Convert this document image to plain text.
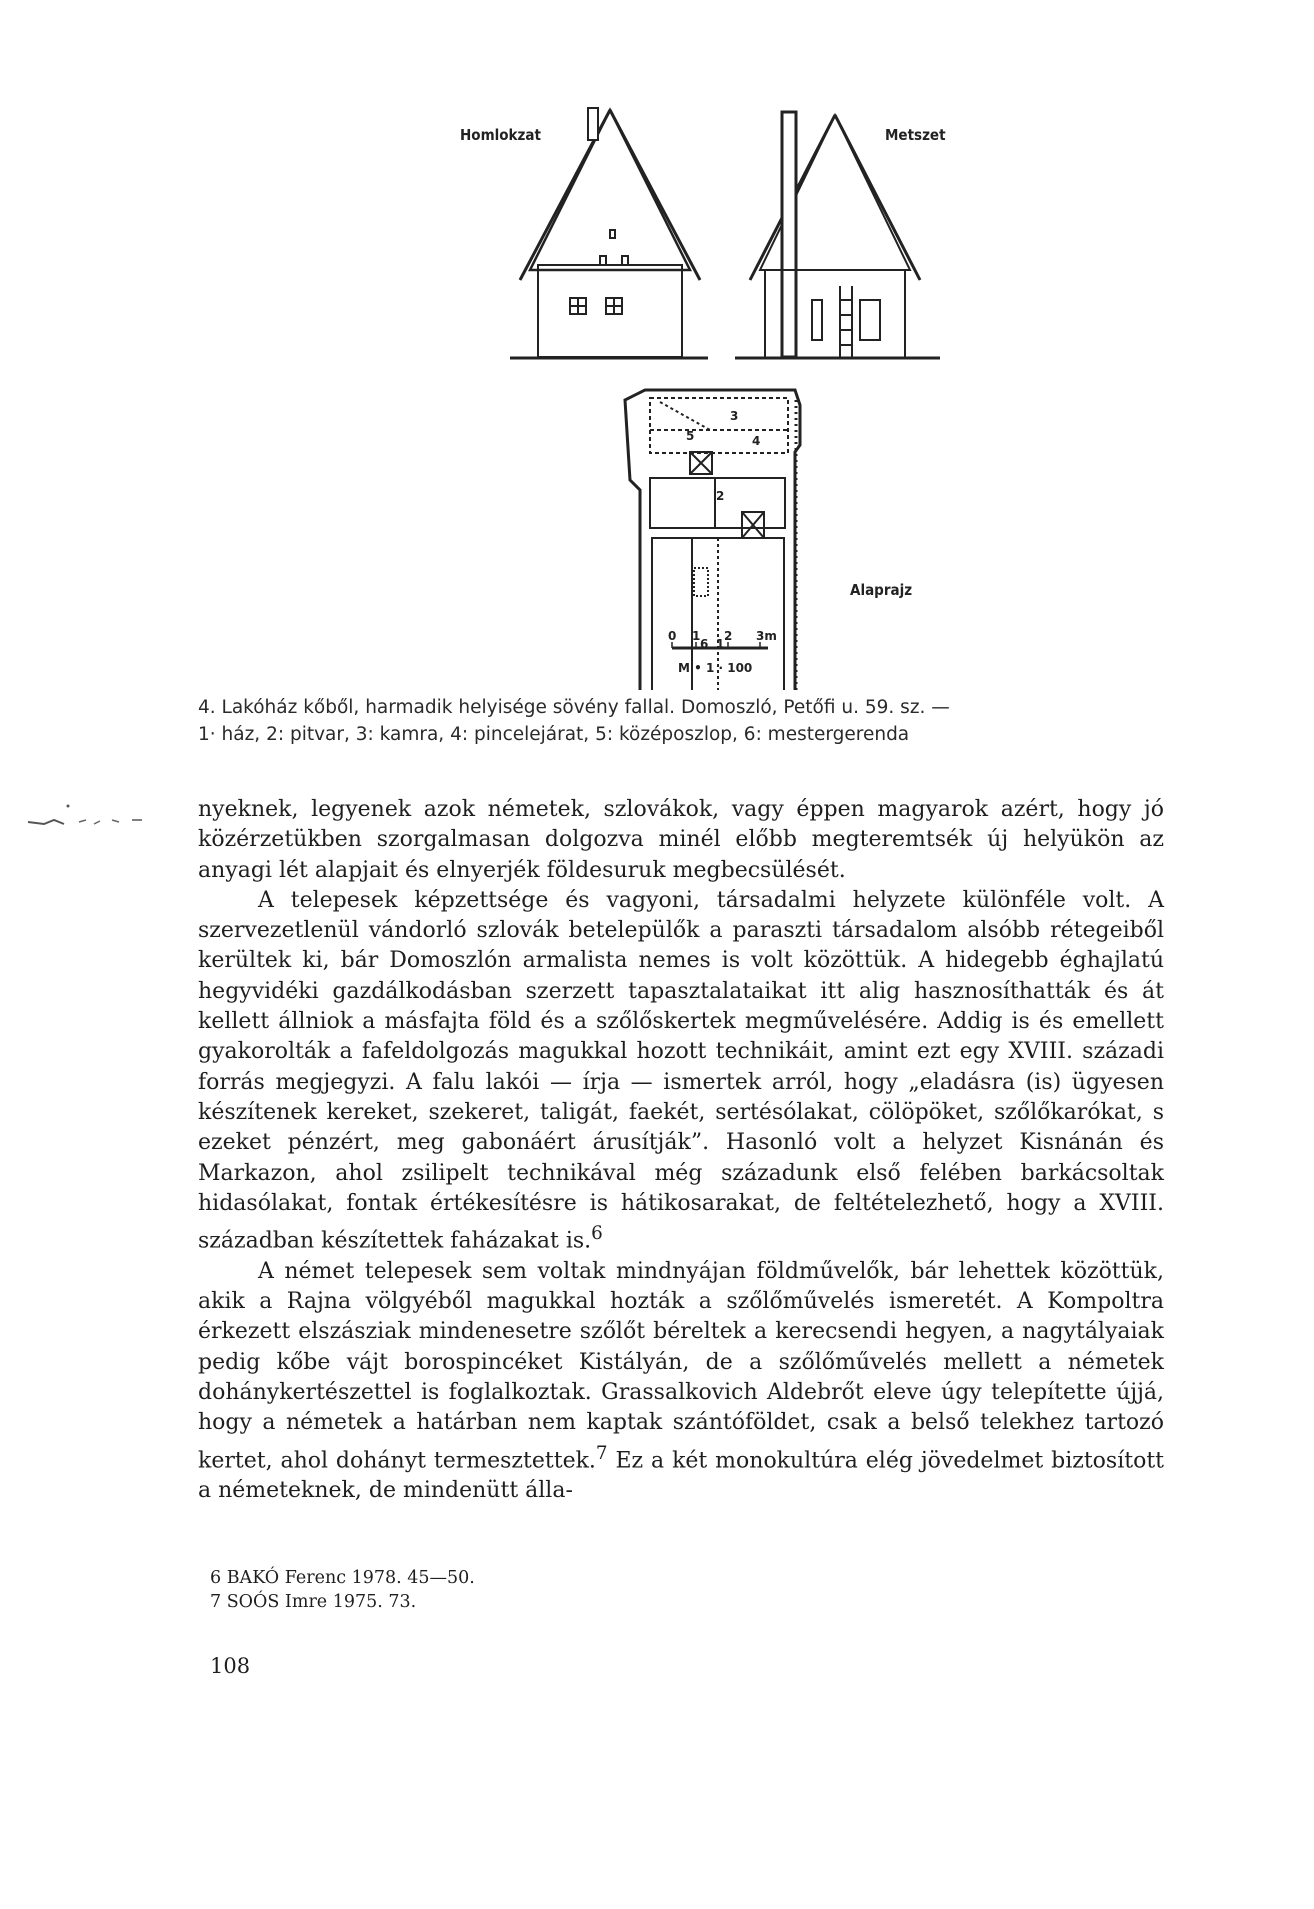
Homlokzat	Metszet
1
2
3
4
5
6
Alaprajz
0 1 2 3m
M • 1 · 100

4. Lakóház kőből, harmadik helyisége sövény fallal. Domoszló, Petőfi u. 59. sz. —

1· ház, 2: pitvar, 3: kamra, 4: pincelejárat, 5: középoszlop, 6: mestergerenda

nyeknek, legyenek azok németek, szlovákok, vagy éppen magyarok azért, hogy jó közérzetükben szorgalmasan dolgozva minél előbb megteremtsék új helyükön az anyagi lét alapjait és elnyerjék földesuruk megbecsülését.

A telepesek képzettsége és vagyoni, társadalmi helyzete különféle volt. A szervezetlenül vándorló szlovák betelepülők a paraszti társadalom alsóbb rétegeiből kerültek ki, bár Domoszlón armalista nemes is volt közöttük. A hidegebb éghajlatú hegyvidéki gazdálkodásban szerzett tapasztalataikat itt alig hasznosíthatták és át kellett állniok a másfajta föld és a szőlőskertek megművelésére. Addig is és emellett gyakorolták a fafeldolgozás magukkal hozott technikáit, amint ezt egy XVIII. századi forrás megjegyzi. A falu lakói — írja — ismertek arról, hogy „eladásra (is) ügyesen készítenek kereket, szekeret, taligát, faekét, sertésólakat, cölöpöket, szőlőkarókat, s ezeket pénzért, meg gabonáért árusítják”. Hasonló volt a helyzet Kisnánán és Markazon, ahol zsilipelt technikával még századunk első felében barkácsoltak hidasólakat, fontak értékesítésre is hátikosarakat, de feltételezhető, hogy a XVIII. században készítettek faházakat is.$^6$

A német telepesek sem voltak mindnyájan földművelők, bár lehettek közöttük, akik a Rajna völgyéből magukkal hozták a szőlőművelés ismeretét. A Kompoltra érkezett elszásziak mindenesetre szőlőt béreltek a kerecsendi hegyen, a nagytályaiak pedig kőbe vájt borospincéket Kistályán, de a szőlőművelés mellett a németek dohánykertészettel is foglalkoztak. Grassalkovich Aldebrőt eleve úgy telepítette újjá, hogy a németek a határban nem kaptak szántóföldet, csak a belső telekhez tartozó kertet, ahol dohányt termesztettek.$^7$ Ez a két monokultúra elég jövedelmet biztosított a németeknek, de mindenütt álla-

6 BAKÓ Ferenc 1978. 45—50.
7 SOÓS Imre 1975. 73.
108
